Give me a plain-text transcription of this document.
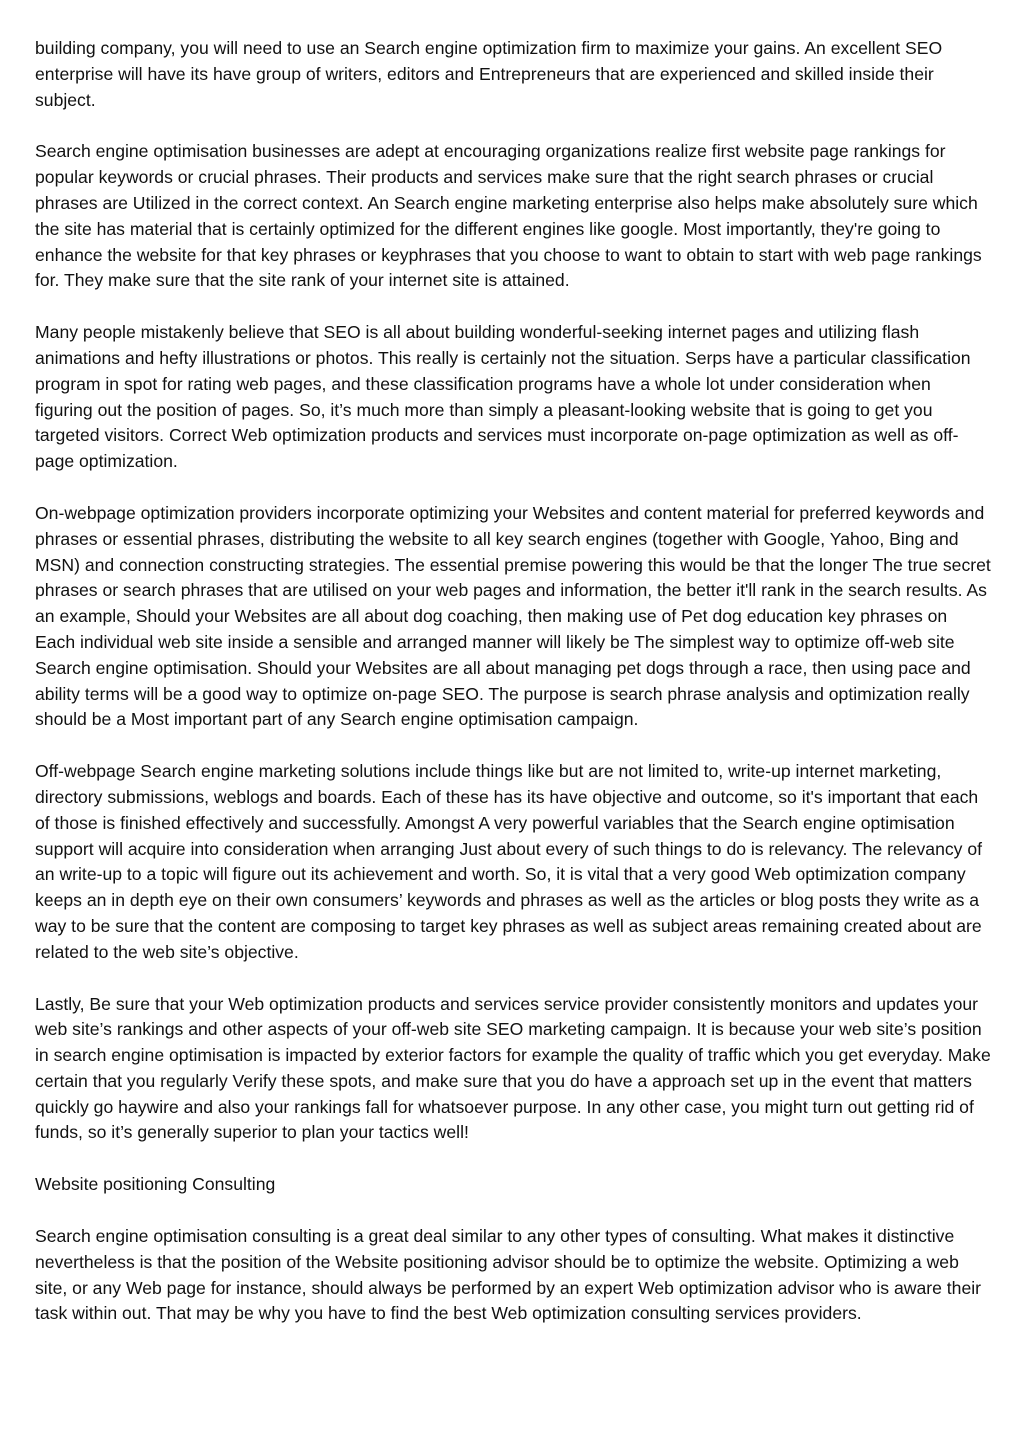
building company, you will need to use an Search engine optimization firm to maximize your gains. An excellent SEO enterprise will have its have group of writers, editors and Entrepreneurs that are experienced and skilled inside their subject.

Search engine optimisation businesses are adept at encouraging organizations realize first website page rankings for popular keywords or crucial phrases. Their products and services make sure that the right search phrases or crucial phrases are Utilized in the correct context. An Search engine marketing enterprise also helps make absolutely sure which the site has material that is certainly optimized for the different engines like google. Most importantly, they're going to enhance the website for that key phrases or keyphrases that you choose to want to obtain to start with web page rankings for. They make sure that the site rank of your internet site is attained.

Many people mistakenly believe that SEO is all about building wonderful-seeking internet pages and utilizing flash animations and hefty illustrations or photos. This really is certainly not the situation. Serps have a particular classification program in spot for rating web pages, and these classification programs have a whole lot under consideration when figuring out the position of pages. So, it’s much more than simply a pleasant-looking website that is going to get you targeted visitors. Correct Web optimization products and services must incorporate on-page optimization as well as off-page optimization.

On-webpage optimization providers incorporate optimizing your Websites and content material for preferred keywords and phrases or essential phrases, distributing the website to all key search engines (together with Google, Yahoo, Bing and MSN) and connection constructing strategies. The essential premise powering this would be that the longer The true secret phrases or search phrases that are utilised on your web pages and information, the better it'll rank in the search results. As an example, Should your Websites are all about dog coaching, then making use of Pet dog education key phrases on Each individual web site inside a sensible and arranged manner will likely be The simplest way to optimize off-web site Search engine optimisation. Should your Websites are all about managing pet dogs through a race, then using pace and ability terms will be a good way to optimize on-page SEO. The purpose is search phrase analysis and optimization really should be a Most important part of any Search engine optimisation campaign.

Off-webpage Search engine marketing solutions include things like but are not limited to, write-up internet marketing, directory submissions, weblogs and boards. Each of these has its have objective and outcome, so it's important that each of those is finished effectively and successfully. Amongst A very powerful variables that the Search engine optimisation support will acquire into consideration when arranging Just about every of such things to do is relevancy. The relevancy of an write-up to a topic will figure out its achievement and worth. So, it is vital that a very good Web optimization company keeps an in depth eye on their own consumers’ keywords and phrases as well as the articles or blog posts they write as a way to be sure that the content are composing to target key phrases as well as subject areas remaining created about are related to the web site’s objective.

Lastly, Be sure that your Web optimization products and services service provider consistently monitors and updates your web site’s rankings and other aspects of your off-web site SEO marketing campaign. It is because your web site’s position in search engine optimisation is impacted by exterior factors for example the quality of traffic which you get everyday. Make certain that you regularly Verify these spots, and make sure that you do have a approach set up in the event that matters quickly go haywire and also your rankings fall for whatsoever purpose. In any other case, you might turn out getting rid of funds, so it’s generally superior to plan your tactics well!

Website positioning Consulting

Search engine optimisation consulting is a great deal similar to any other types of consulting. What makes it distinctive nevertheless is that the position of the Website positioning advisor should be to optimize the website. Optimizing a web site, or any Web page for instance, should always be performed by an expert Web optimization advisor who is aware their task within out. That may be why you have to find the best Web optimization consulting services providers.
